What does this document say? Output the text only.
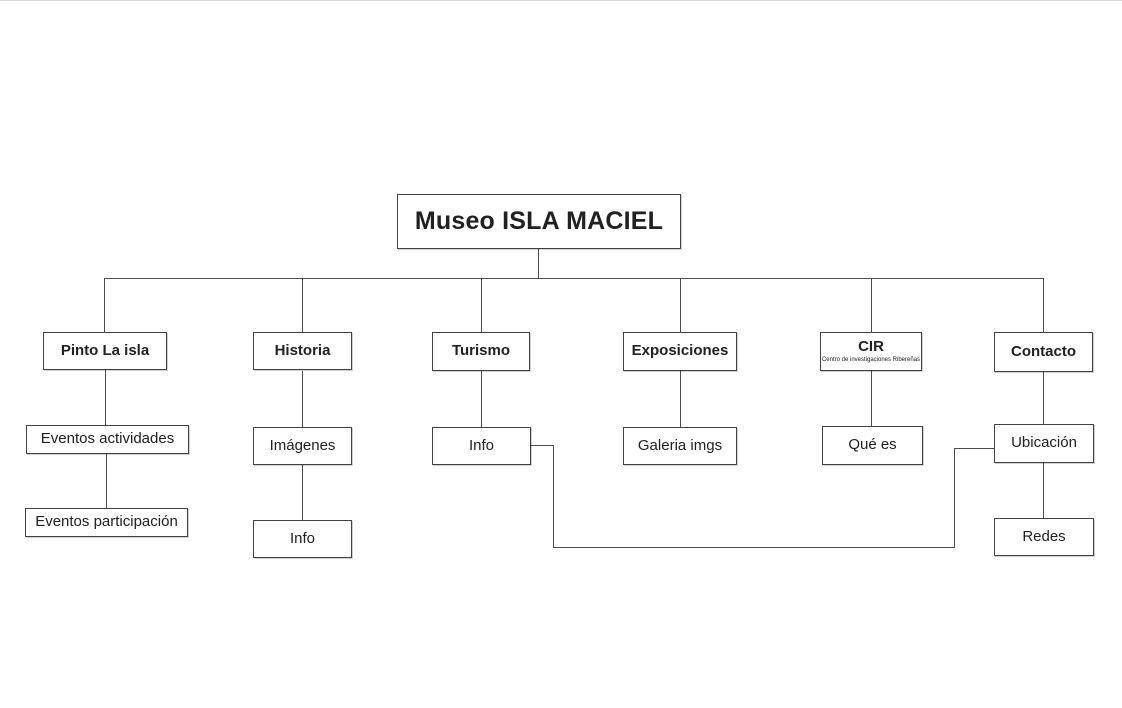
Museo ISLA MACIEL
Pinto La isla	Historia	Turismo	Exposiciones	CIR
Centro de investigaciones Ribereñas
Contacto
Eventos actividades
Eventos participación
Imágenes
Info
Info	Galeria imgs	Qué es	Ubicación
Redes
